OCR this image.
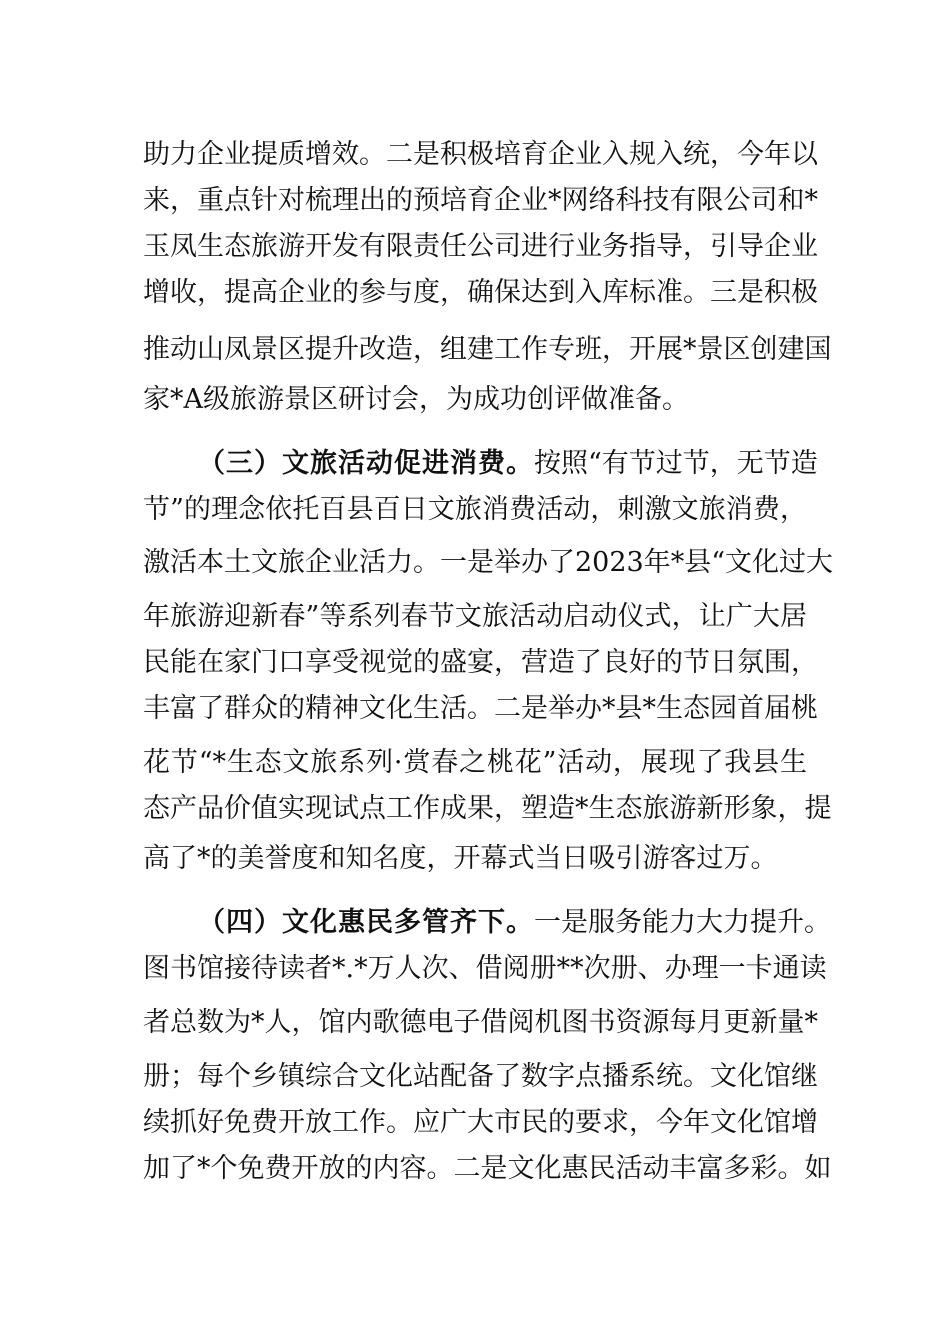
助力企业提质增效。二是积极培育企业入规入统，今年以
来，重点针对梳理出的预培育企业*网络科技有限公司和*
玉凤生态旅游开发有限责任公司进行业务指导，引导企业
增收，提高企业的参与度，确保达到入库标准。三是积极
推动山凤景区提升改造，组建工作专班，开展*景区创建国
家*A级旅游景区研讨会，为成功创评做准备。
（三）文旅活动促进消费。按照“有节过节，无节造
节”的理念依托百县百日文旅消费活动，刺激文旅消费，
激活本土文旅企业活力。一是举办了2023年*县“文化过大
年旅游迎新春”等系列春节文旅活动启动仪式，让广大居
民能在家门口享受视觉的盛宴，营造了良好的节日氛围，
丰富了群众的精神文化生活。二是举办*县*生态园首届桃
花节“*生态文旅系列·赏春之桃花”活动，展现了我县生
态产品价值实现试点工作成果，塑造*生态旅游新形象，提
高了*的美誉度和知名度，开幕式当日吸引游客过万。
（四）文化惠民多管齐下。一是服务能力大力提升。
图书馆接待读者*.*万人次、借阅册**次册、办理一卡通读
者总数为*人，馆内歌德电子借阅机图书资源每月更新量*
册；每个乡镇综合文化站配备了数字点播系统。文化馆继
续抓好免费开放工作。应广大市民的要求，今年文化馆增
加了*个免费开放的内容。二是文化惠民活动丰富多彩。如
